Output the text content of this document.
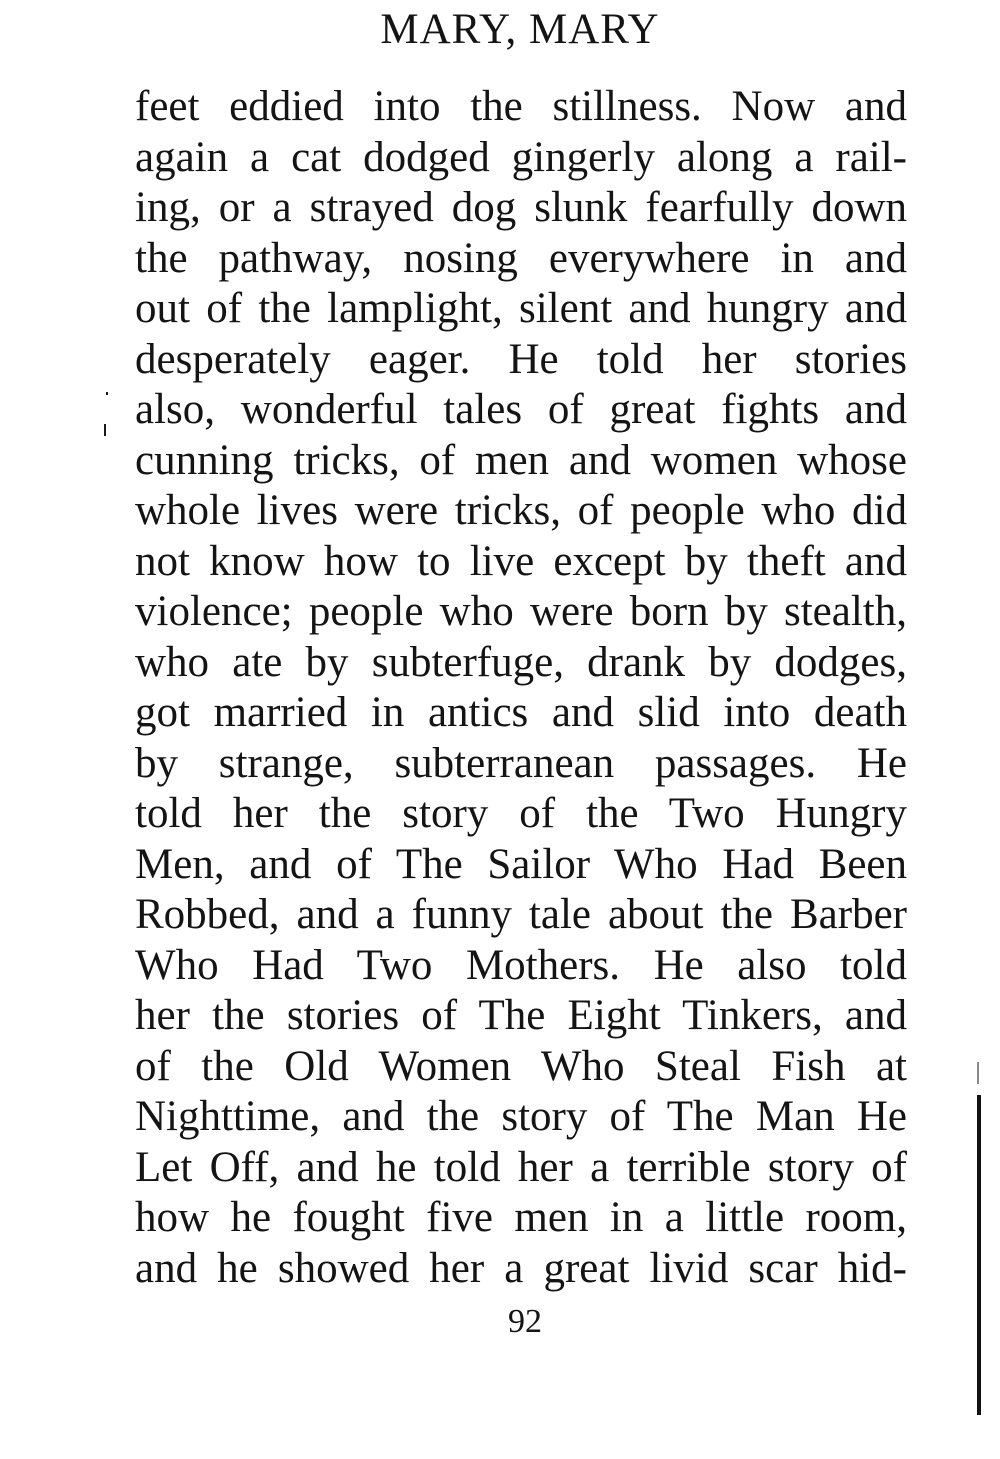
MARY, MARY
feet eddied into the stillness. Now and
again a cat dodged gingerly along a rail-
ing, or a strayed dog slunk fearfully down
the pathway, nosing everywhere in and
out of the lamplight, silent and hungry and
desperately eager. He told her stories
also, wonderful tales of great fights and
cunning tricks, of men and women whose
whole lives were tricks, of people who did
not know how to live except by theft and
violence; people who were born by stealth,
who ate by subterfuge, drank by dodges,
got married in antics and slid into death
by strange, subterranean passages. He
told her the story of the Two Hungry
Men, and of The Sailor Who Had Been
Robbed, and a funny tale about the Barber
Who Had Two Mothers. He also told
her the stories of The Eight Tinkers, and
of the Old Women Who Steal Fish at
Nighttime, and the story of The Man He
Let Off, and he told her a terrible story of
how he fought five men in a little room,
and he showed her a great livid scar hid-
92
